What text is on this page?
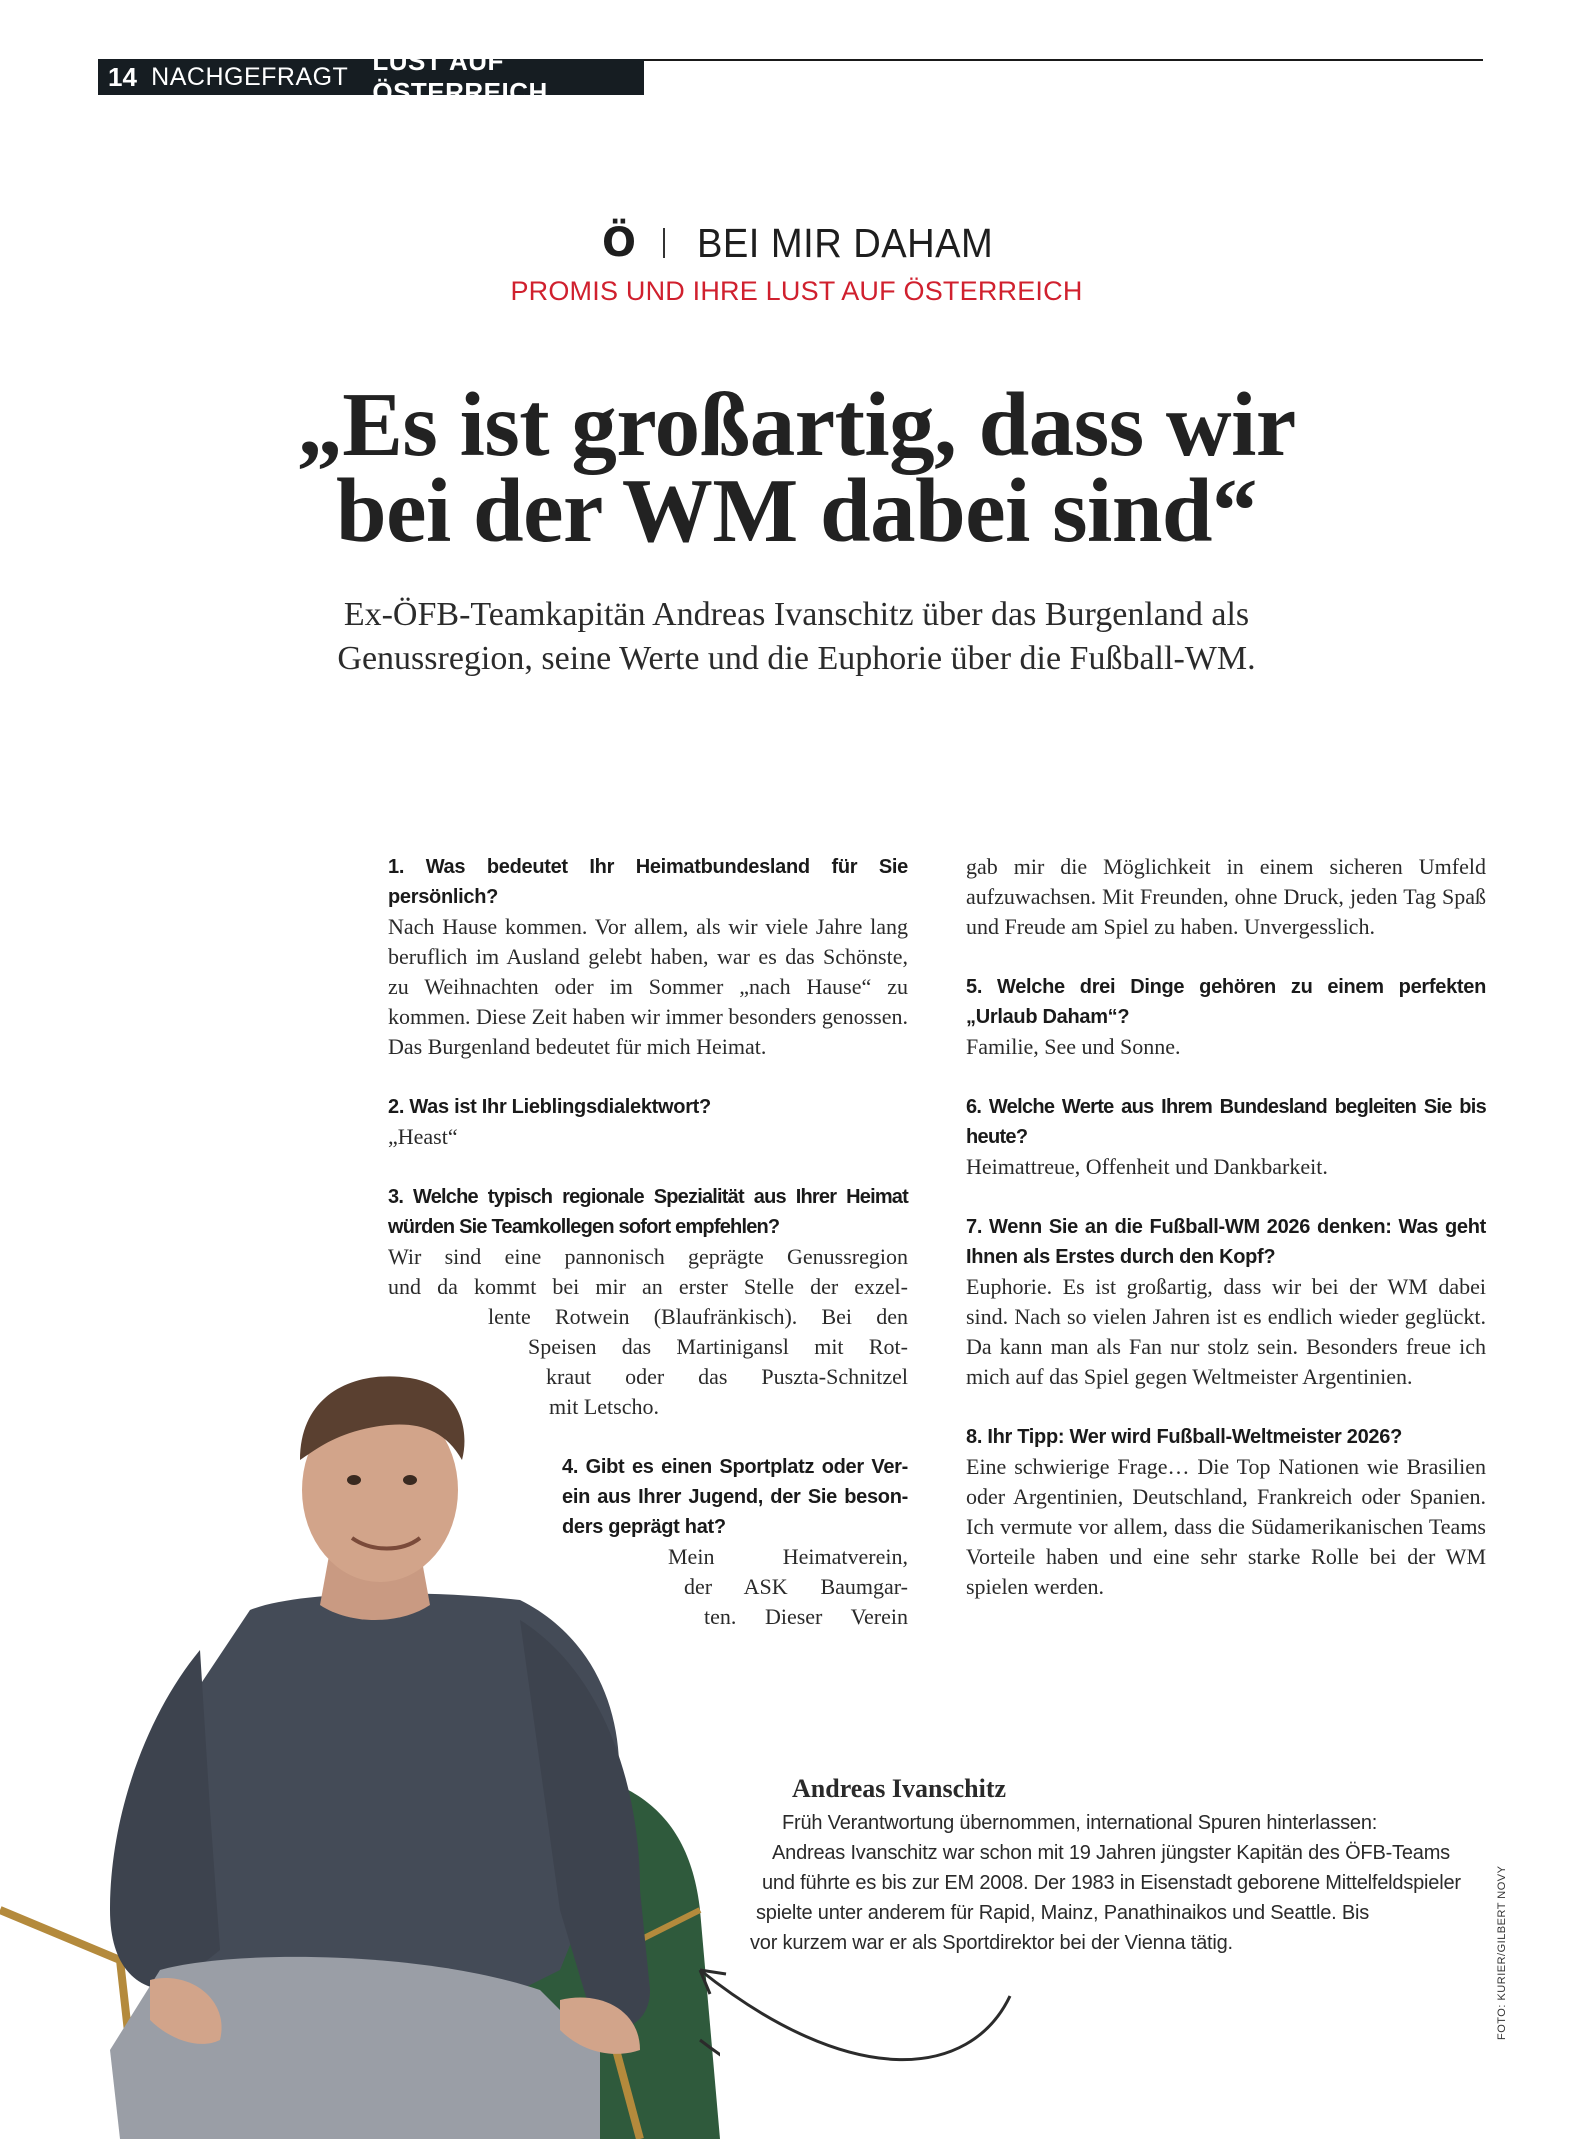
14 NACHGEFRAGT
LUST AUF ÖSTERREICH
Ö BEI MIR DAHAM
PROMIS UND IHRE LUST AUF ÖSTERREICH
„Es ist großartig, dass wir
bei der WM dabei sind“
Ex-ÖFB-Teamkapitän Andreas Ivanschitz über das Burgenland als
Genussregion, seine Werte und die Euphorie über die Fußball-WM.
1. Was bedeutet Ihr Heimatbundesland für Sie persönlich?

Nach Hause kommen. Vor allem, als wir viele Jahre lang beruflich im Ausland gelebt haben, war es das Schönste, zu Weihnachten oder im Sommer „nach Hause“ zu kommen. Diese Zeit haben wir immer besonders genossen. Das Burgenland bedeutet für mich Heimat.

2. Was ist Ihr Lieblingsdialektwort?

„Heast“

3. Welche typisch regionale Spezialität aus Ihrer Heimat würden Sie Teamkollegen sofort empfehlen?
Wir sind eine pannonisch geprägte Genussregion
und da kommt bei mir an erster Stelle der exzel-
lente Rotwein (Blaufränkisch). Bei den
Speisen das Martinigansl mit Rot-
kraut oder das Puszta-Schnitzel
mit Letscho.
4. Gibt es einen Sportplatz oder Ver-
ein aus Ihrer Jugend, der Sie beson-
ders geprägt hat?
Mein Heimatverein,
der ASK Baumgar-
ten. Dieser Verein

gab mir die Möglichkeit in einem sicheren Umfeld aufzuwachsen. Mit Freunden, ohne Druck, jeden Tag Spaß und Freude am Spiel zu haben. Unvergesslich.

5. Welche drei Dinge gehören zu einem perfekten „Urlaub Daham“?

Familie, See und Sonne.

6. Welche Werte aus Ihrem Bundesland begleiten Sie bis heute?

Heimattreue, Offenheit und Dankbarkeit.

7. Wenn Sie an die Fußball-WM 2026 denken: Was geht Ihnen als Erstes durch den Kopf?

Euphorie. Es ist großartig, dass wir bei der WM dabei sind. Nach so vielen Jahren ist es endlich wieder geglückt. Da kann man als Fan nur stolz sein. Besonders freue ich mich auf das Spiel gegen Weltmeister Argentinien.

8. Ihr Tipp: Wer wird Fußball-Weltmeister 2026?

Eine schwierige Frage… Die Top Nationen wie Brasilien oder Argentinien, Deutschland, Frankreich oder Spanien. Ich vermute vor allem, dass die Südamerikanischen Teams Vorteile haben und eine sehr starke Rolle bei der WM spielen werden.

Andreas Ivanschitz
Früh Verantwortung übernommen, international Spuren hinterlassen:
Andreas Ivanschitz war schon mit 19 Jahren jüngster Kapitän des ÖFB-Teams
und führte es bis zur EM 2008. Der 1983 in Eisenstadt geborene Mittelfeldspieler
spielte unter anderem für Rapid, Mainz, Panathinaikos und Seattle. Bis
vor kurzem war er als Sportdirektor bei der Vienna tätig.	FOTO: KURIER/GILBERT NOVY
